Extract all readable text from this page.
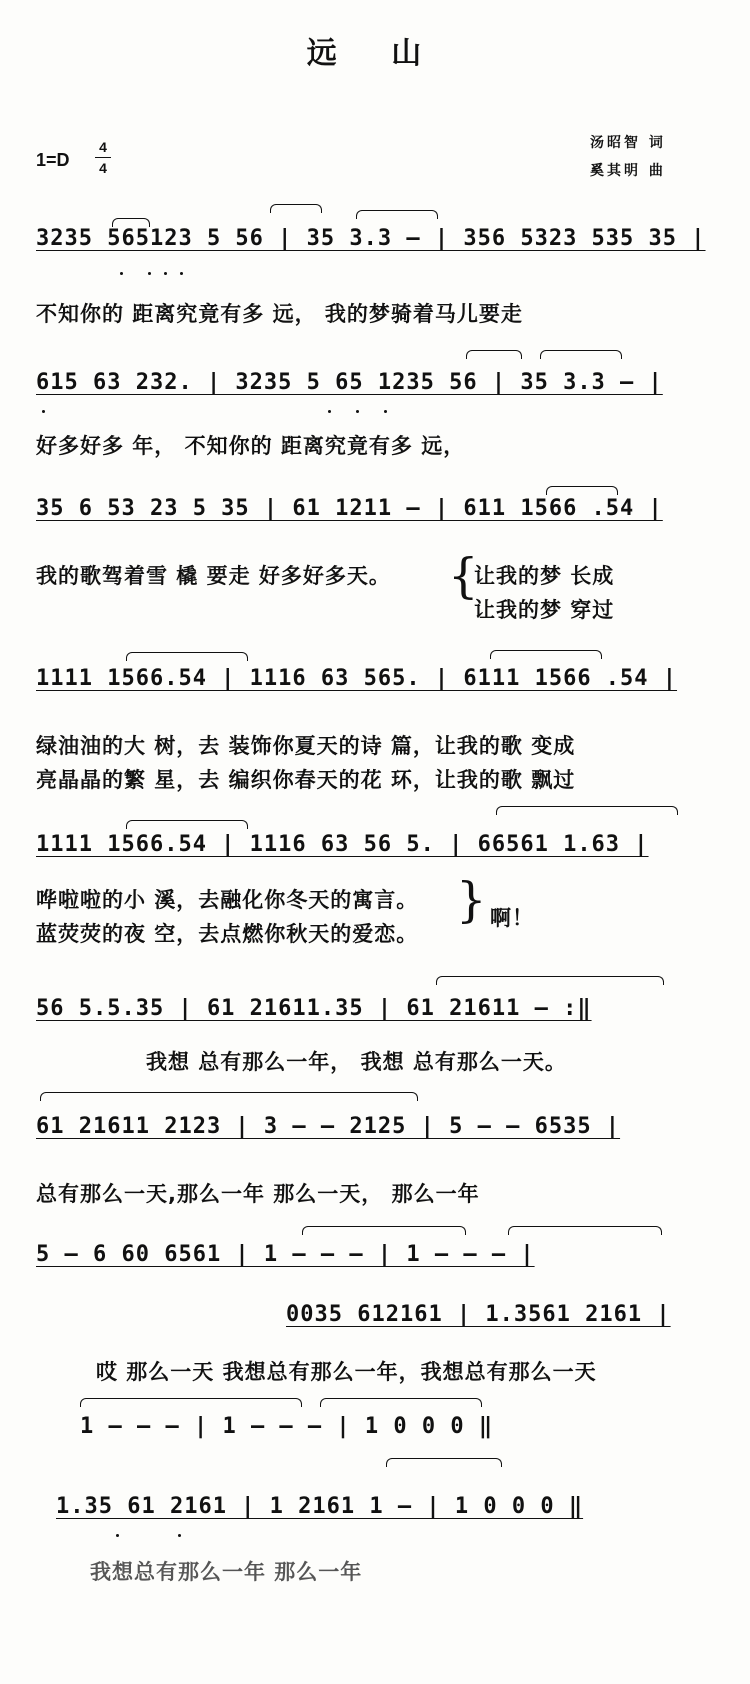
远 山
1=D
4
4
汤昭智 词
奚其明 曲
3235 565123 5 56 | 35 3.3 — | 356 5323 535 35 |
不知你的 距离究竟有多 远， 我的梦骑着马儿要走
615 63 232. | 3235 5 65 1235 56 | 35 3.3 — |
好多好多 年， 不知你的 距离究竟有多 远，
35 6 53 23 5 35 | 61 1211 — | 611 1566 .54 |
我的歌驾着雪 橇 要走 好多好多天。	{
让我的梦 长成
让我的梦 穿过
1111 1566.54 | 1116 63 565. | 6111 1566 .54 |
绿油油的大 树，去 装饰你夏天的诗 篇，让我的歌 变成
亮晶晶的繁 星，去 编织你春天的花 环，让我的歌 飘过
1111 1566.54 | 1116 63 56 5. | 66561 1.63 |
哗啦啦的小 溪，去融化你冬天的寓言。
蓝荧荧的夜 空，去点燃你秋天的爱恋。
} 啊！
56 5.5.35 | 61 21611.35 | 61 21611 — :‖
我想 总有那么一年， 我想 总有那么一天。
61 21611 2123 | 3 — — 2125 | 5 — — 6535 |
总有那么一天,那么一年 那么一天， 那么一年
5 — 6 60 6561 | 1 — — — | 1 — — — |
0035 612161 | 1.3561 2161 |
哎 那么一天 我想总有那么一年，我想总有那么一天
1 — — — | 1 — — — | 1 0 0 0 ‖
1.35 61 2161 | 1 2161 1 — | 1 0 0 0 ‖
我想总有那么一年 那么一年
